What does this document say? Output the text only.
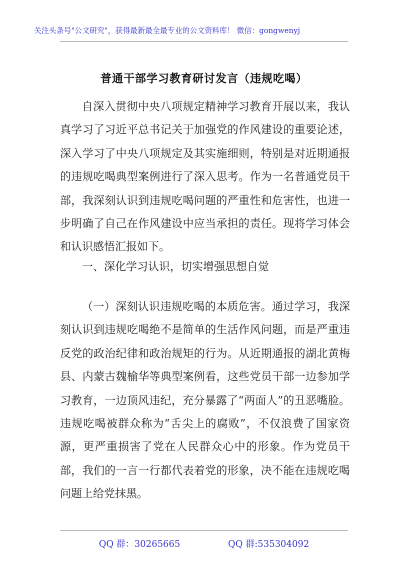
关注头条号"公文研究"，获得最新最全最专业的公文资料库！ 微信：gongwenyj
普通干部学习教育研讨发言（违规吃喝）

自深入贯彻中央八项规定精神学习教育开展以来，我认真学习了习近平总书记关于加强党的作风建设的重要论述，深入学习了中央八项规定及其实施细则，特别是对近期通报的违规吃喝典型案例进行了深入思考。作为一名普通党员干部，我深刻认识到违规吃喝问题的严重性和危害性，也进一步明确了自己在作风建设中应当承担的责任。现将学习体会和认识感悟汇报如下。

一、深化学习认识，切实增强思想自觉

（一）深刻认识违规吃喝的本质危害。通过学习，我深刻认识到违规吃喝绝不是简单的生活作风问题，而是严重违反党的政治纪律和政治规矩的行为。从近期通报的湖北黄梅县、内蒙古魏榆华等典型案例看，这些党员干部一边参加学习教育，一边顶风违纪，充分暴露了“两面人”的丑恶嘴脸。违规吃喝被群众称为“舌尖上的腐败”，不仅浪费了国家资源，更严重损害了党在人民群众心中的形象。作为党员干部，我们的一言一行都代表着党的形象，决不能在违规吃喝问题上给党抹黑。

QQ 群：30265665	QQ 群:535304092
